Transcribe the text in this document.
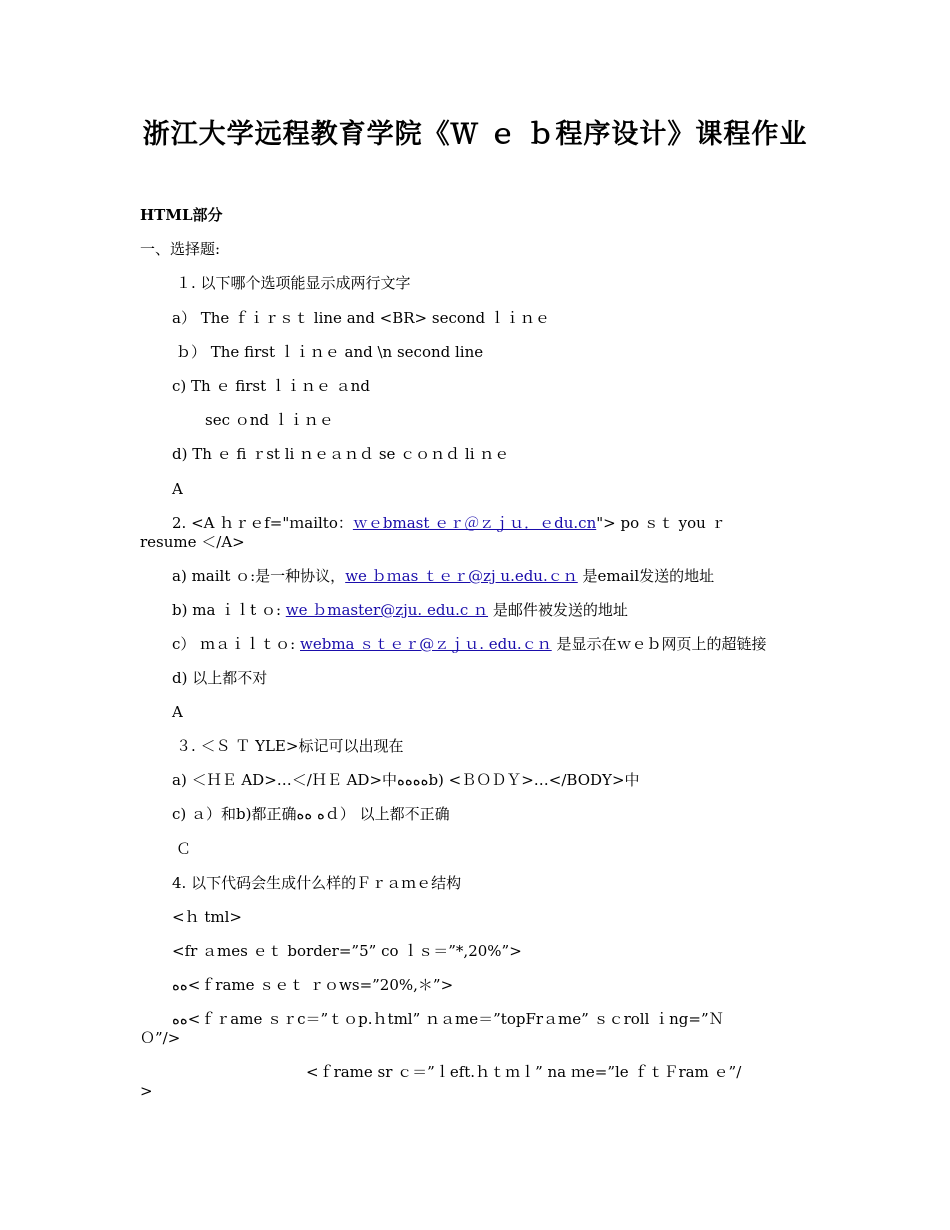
浙江大学远程教育学院《Ｗ ｅ ｂ程序设计》课程作业
HTML部分
一、选择题:
１. 以下哪个选项能显示成两行文字
a） The ｆｉｒｓｔ line and <BR> second ｌｉｎｅ
ｂ） The first ｌｉｎｅ and \n second line
c) Th ｅ first ｌｉｎｅ ａnd
sec ｏnd ｌｉｎｅ
d) Th ｅ fi ｒst li ｎｅａｎｄ se ｃｏｎｄ li ｎｅ
A
2. <A ｈｒｅf="ｍailto：ｗｅbmast ｅｒ＠ｚｊｕ．ｅdu.cn"> po ｓｔ you ｒ
resume ＜/A>
a) mailt ｏ:是一种协议，we ｂｍas ｔｅｒ@zj u.edu.ｃｎ 是email发送的地址
b) ma ｉｌt ｏ: we ｂmaster@zju. edu.c ｎ 是邮件被发送的地址
c） ｍａｉｌｔｏ: webma ｓｔｅｒ@ｚｊｕ. edu.ｃｎ 是显示在ｗｅｂ网页上的超链接
d) 以上都不对
A
３. ＜Ｓ Ｔ YLE>标记可以出现在
a) ＜ＨＥ AD>…＜/ＨＥ AD>中ﻩﻩﻩﻩb) <ＢＯＤＹ>…</BODY>中
c) ａ）和b)都正确ﻩ ﻩﻩｄ） 以上都不正确
Ｃ
4. 以下代码会生成什么样的Ｆｒａｍｅ结构
<ｈ tml>
<fr ａmes ｅｔ border=”5” co ｌｓ＝”*,20%”>
ﻩﻩ<ｆrame ｓｅｔ ｒｏws=”20%,＊”>
ﻩﻩ<ｆｒame ｓｒc＝”ｔｏp.ｈtml” ｎａme＝”topFrａme” ｓｃroll ｉng=”Ｎ
Ｏ”/>
<ｆrame sr ｃ＝”ｌeft.ｈｔｍｌ” na ｍe=”le ｆｔＦram ｅ”/
>
